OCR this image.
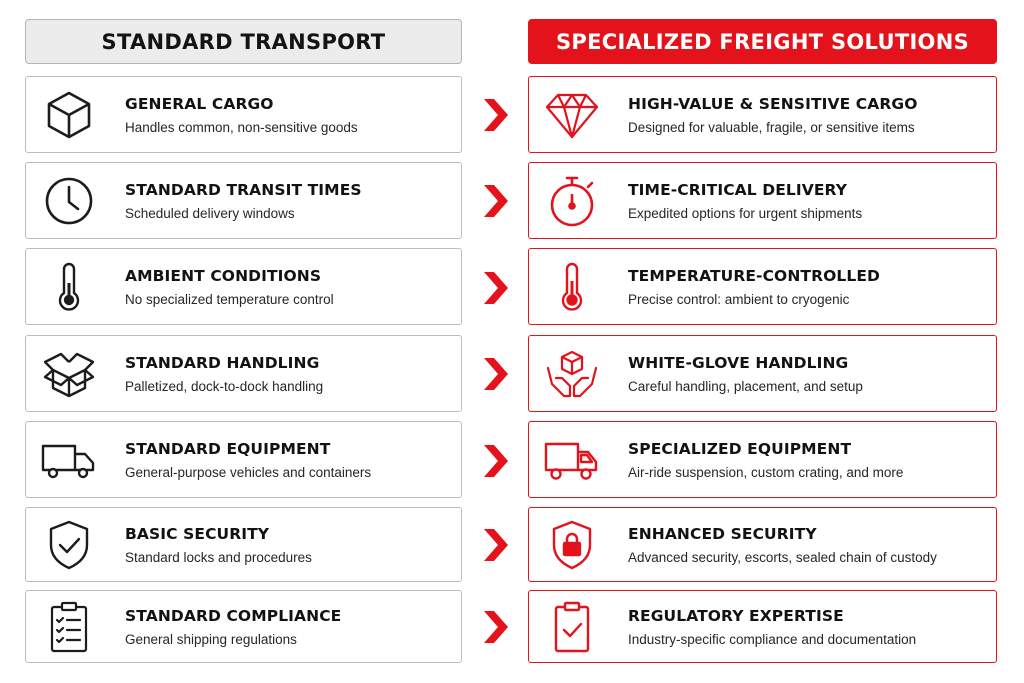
STANDARD TRANSPORT
GENERAL CARGO
Handles common, non-sensitive goods
STANDARD TRANSIT TIMES
Scheduled delivery windows
AMBIENT CONDITIONS
No specialized temperature control
STANDARD HANDLING
Palletized, dock-to-dock handling
STANDARD EQUIPMENT
General-purpose vehicles and containers
BASIC SECURITY
Standard locks and procedures
STANDARD COMPLIANCE
General shipping regulations
SPECIALIZED FREIGHT SOLUTIONS
HIGH-VALUE & SENSITIVE CARGO
Designed for valuable, fragile, or sensitive items
TIME-CRITICAL DELIVERY
Expedited options for urgent shipments
TEMPERATURE-CONTROLLED
Precise control: ambient to cryogenic
WHITE-GLOVE HANDLING
Careful handling, placement, and setup
SPECIALIZED EQUIPMENT
Air-ride suspension, custom crating, and more
ENHANCED SECURITY
Advanced security, escorts, sealed chain of custody
REGULATORY EXPERTISE
Industry-specific compliance and documentation
